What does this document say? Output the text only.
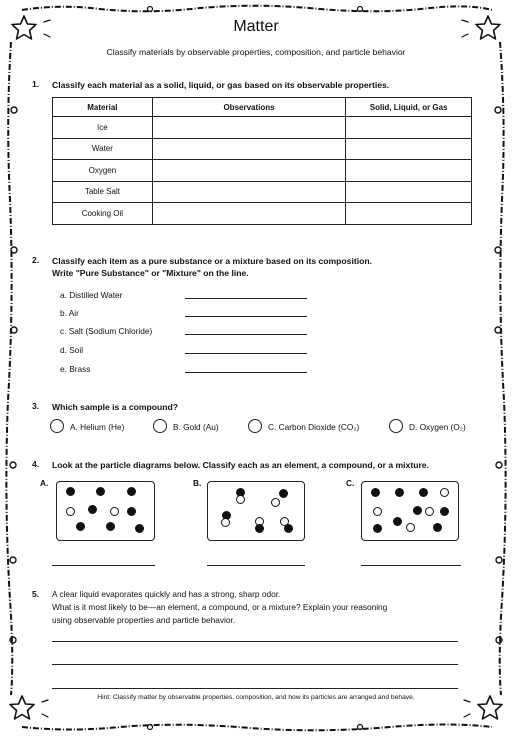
Matter
Classify materials by observable properties, composition, and particle behavior
1. Classify each material as a solid, liquid, or gas based on its observable properties.
Material	Observations	Solid, Liquid, or Gas
Ice		
Water		
Oxygen		
Table Salt		
Cooking Oil		
2. Classify each item as a pure substance or a mixture based on its composition.
Write "Pure Substance" or "Mixture" on the line.
a. Distilled Water
b. Air
c. Salt (Sodium Chloride)
d. Soil
e. Brass
3. Which sample is a compound?
A. Helium (He)	B. Gold (Au)	C. Carbon Dioxide (CO₂)	D. Oxygen (O₂)
4. Look at the particle diagrams below. Classify each as an element, a compound, or a mixture.
A.	B.	C.
5. A clear liquid evaporates quickly and has a strong, sharp odor.
What is it most likely to be—an element, a compound, or a mixture? Explain your reasoning
using observable properties and particle behavior.
Hint: Classify matter by observable properties, composition, and how its particles are arranged and behave.
